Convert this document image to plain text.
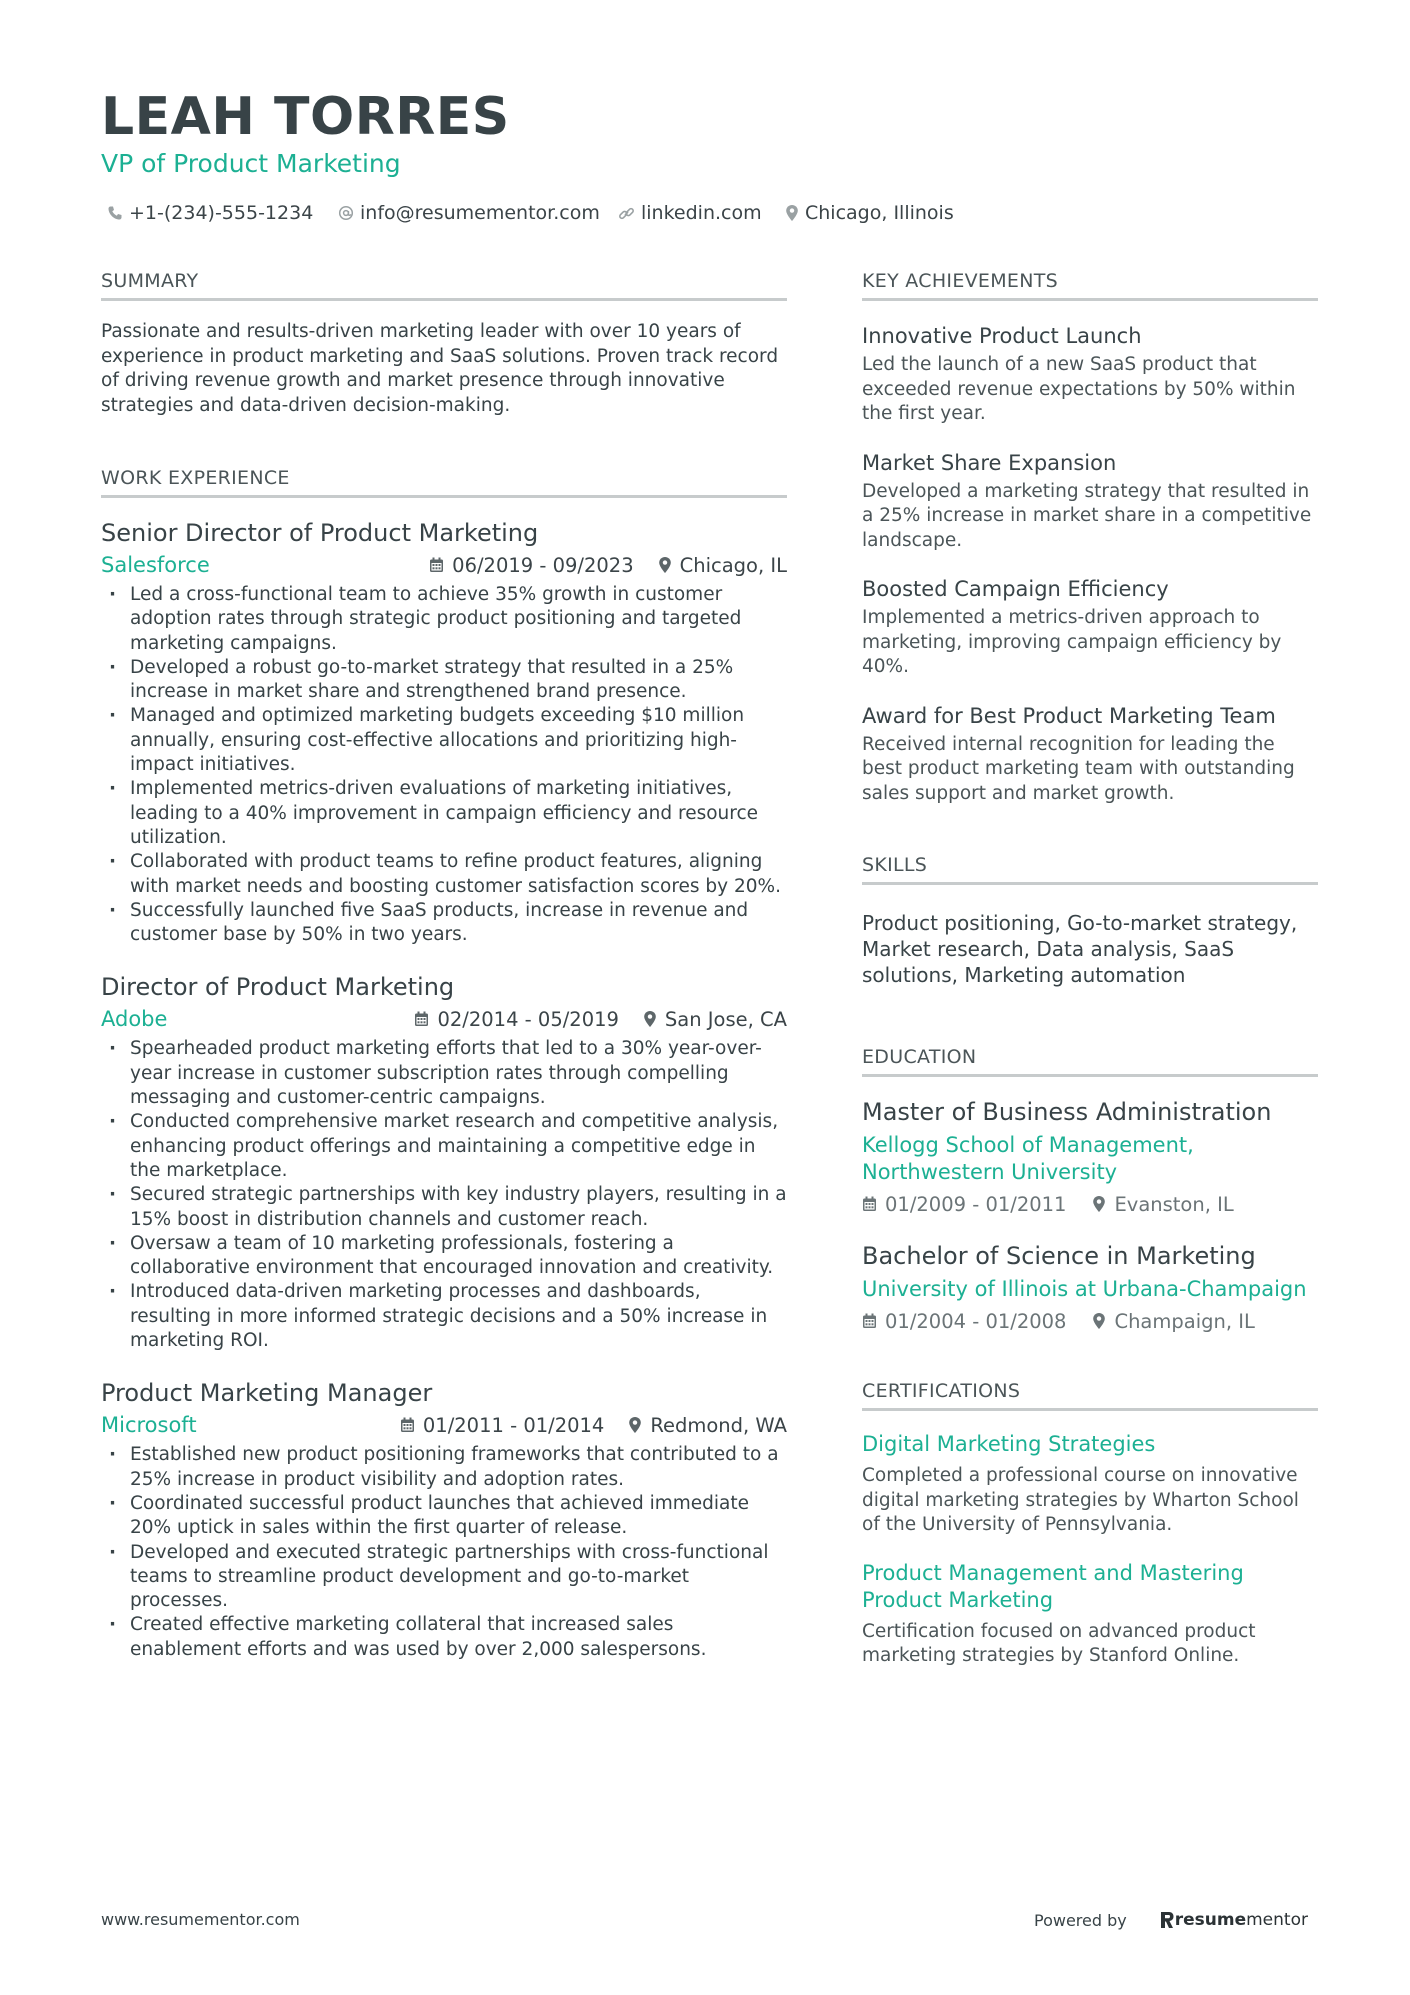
LEAH TORRES
VP of Product Marketing
+1-(234)-555-1234 info@resumementor.com linkedin.com Chicago, Illinois
SUMMARY
Passionate and results-driven marketing leader with over 10 years of experience in product marketing and SaaS solutions. Proven track record of driving revenue growth and market presence through innovative strategies and data-driven decision-making.
WORK EXPERIENCE
Senior Director of Product Marketing
Salesforce	06/2019 - 09/2023 Chicago, IL
· Led a cross-functional team to achieve 35% growth in customer adoption rates through strategic product positioning and targeted marketing campaigns.
· Developed a robust go-to-market strategy that resulted in a 25% increase in market share and strengthened brand presence.
· Managed and optimized marketing budgets exceeding $10 million annually, ensuring cost-effective allocations and prioritizing high-impact initiatives.
· Implemented metrics-driven evaluations of marketing initiatives, leading to a 40% improvement in campaign efficiency and resource utilization.
· Collaborated with product teams to refine product features, aligning with market needs and boosting customer satisfaction scores by 20%.
· Successfully launched five SaaS products, increase in revenue and customer base by 50% in two years.
Director of Product Marketing
Adobe	02/2014 - 05/2019 San Jose, CA
· Spearheaded product marketing efforts that led to a 30% year-over-year increase in customer subscription rates through compelling messaging and customer-centric campaigns.
· Conducted comprehensive market research and competitive analysis, enhancing product offerings and maintaining a competitive edge in the marketplace.
· Secured strategic partnerships with key industry players, resulting in a 15% boost in distribution channels and customer reach.
· Oversaw a team of 10 marketing professionals, fostering a collaborative environment that encouraged innovation and creativity.
· Introduced data-driven marketing processes and dashboards, resulting in more informed strategic decisions and a 50% increase in marketing ROI.
Product Marketing Manager
Microsoft	01/2011 - 01/2014 Redmond, WA
· Established new product positioning frameworks that contributed to a 25% increase in product visibility and adoption rates.
· Coordinated successful product launches that achieved immediate 20% uptick in sales within the first quarter of release.
· Developed and executed strategic partnerships with cross-functional teams to streamline product development and go-to-market processes.
· Created effective marketing collateral that increased sales enablement efforts and was used by over 2,000 salespersons.
KEY ACHIEVEMENTS
Innovative Product Launch
Led the launch of a new SaaS product that exceeded revenue expectations by 50% within the first year.
Market Share Expansion
Developed a marketing strategy that resulted in a 25% increase in market share in a competitive landscape.
Boosted Campaign Efficiency
Implemented a metrics-driven approach to marketing, improving campaign efficiency by 40%.
Award for Best Product Marketing Team
Received internal recognition for leading the best product marketing team with outstanding sales support and market growth.
SKILLS
Product positioning, Go-to-market strategy, Market research, Data analysis, SaaS solutions, Marketing automation
EDUCATION
Master of Business Administration
Kellogg School of Management, Northwestern University
01/2009 - 01/2011 Evanston, IL
Bachelor of Science in Marketing
University of Illinois at Urbana-Champaign
01/2004 - 01/2008 Champaign, IL
CERTIFICATIONS
Digital Marketing Strategies
Completed a professional course on innovative digital marketing strategies by Wharton School of the University of Pennsylvania.
Product Management and Mastering Product Marketing
Certification focused on advanced product marketing strategies by Stanford Online.
www.resumementor.com	Powered by	resume mentor
